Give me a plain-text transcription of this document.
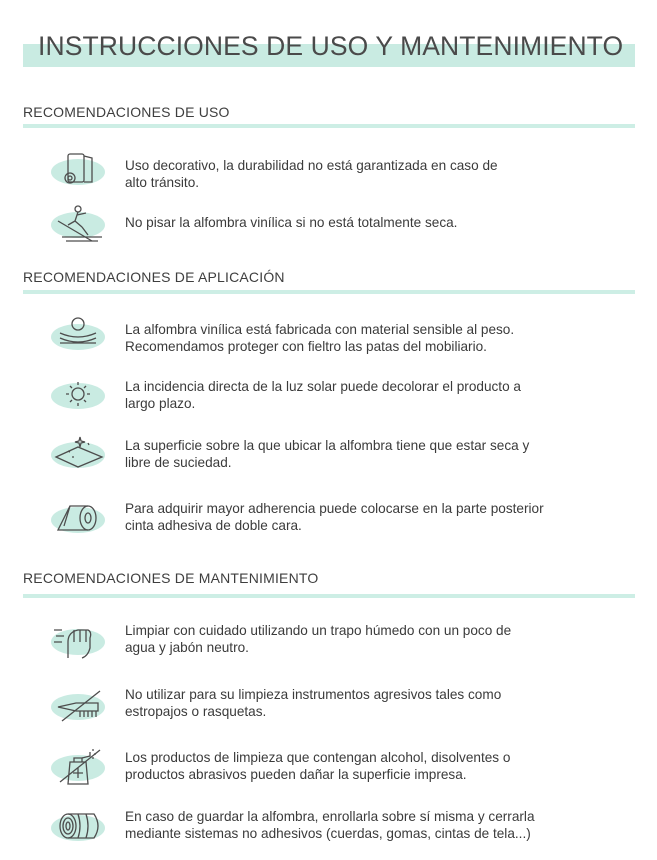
INSTRUCCIONES DE USO Y MANTENIMIENTO
RECOMENDACIONES DE USO
Uso decorativo, la durabilidad no está garantizada en caso de
alto tránsito.
No pisar la alfombra vinílica si no está totalmente seca.
RECOMENDACIONES DE APLICACIÓN
La alfombra vinílica está fabricada con material sensible al peso.
Recomendamos proteger con fieltro las patas del mobiliario.
La incidencia directa de la luz solar puede decolorar el producto a
largo plazo.
La superficie sobre la que ubicar la alfombra tiene que estar seca y
libre de suciedad.
Para adquirir mayor adherencia puede colocarse en la parte posterior
cinta adhesiva de doble cara.
RECOMENDACIONES DE MANTENIMIENTO
Limpiar con cuidado utilizando un trapo húmedo con un poco de
agua y jabón neutro.
No utilizar para su limpieza instrumentos agresivos tales como
estropajos o rasquetas.
Los productos de limpieza que contengan alcohol, disolventes o
productos abrasivos pueden dañar la superficie impresa.
En caso de guardar la alfombra, enrollarla sobre sí misma y cerrarla
mediante sistemas no adhesivos (cuerdas, gomas, cintas de tela...)
